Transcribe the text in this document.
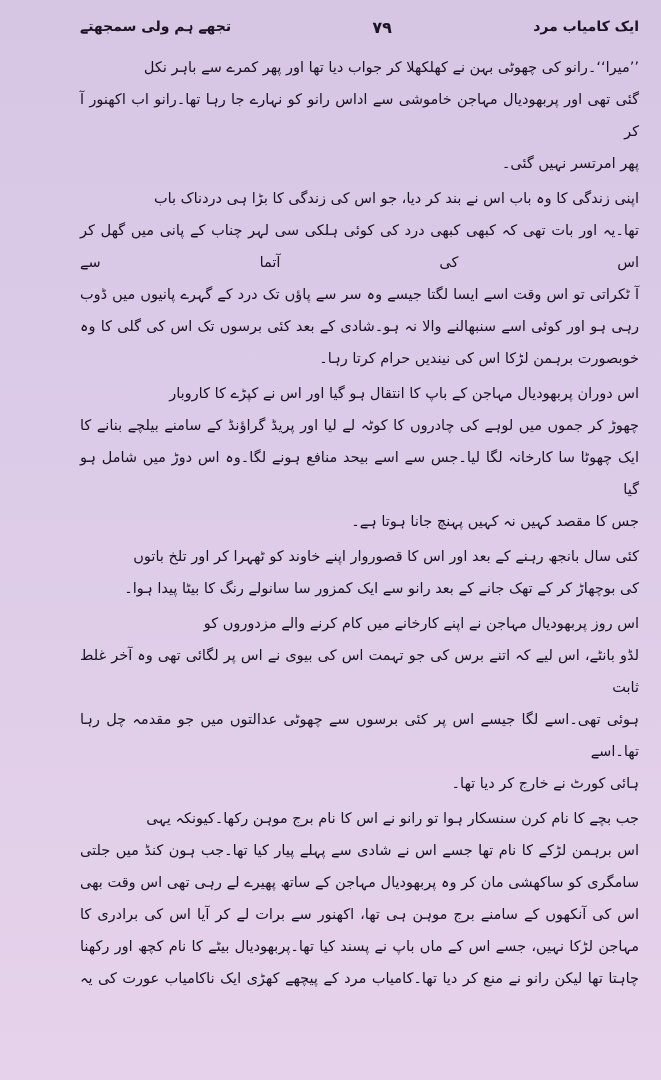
ایک کامیاب مرد
۷۹
تجھے ہم ولی سمجھتے
’’میرا‘‘۔رانو کی چھوٹی بہن نے کھلکھلا کر جواب دیا تھا اور پھر کمرے سے باہر نکل
گئی تھی اور پربھودیال مہاجن خاموشی سے اداس رانو کو نہارے جا رہا تھا۔رانو اب اکھنور آ کر
پھر امرتسر نہیں گئی۔
اپنی زندگی کا وہ باب اس نے بند کر دیا، جو اس کی زندگی کا بڑا ہی دردناک باب
تھا۔یہ اور بات تھی کہ کبھی کبھی درد کی کوئی ہلکی سی لہر چناب کے پانی میں گھل کر اس کی آتما سے
آ ٹکراتی تو اس وقت اسے ایسا لگتا جیسے وہ سر سے پاؤں تک درد کے گہرے پانیوں میں ڈوب
رہی ہو اور کوئی اسے سنبھالنے والا نہ ہو۔شادی کے بعد کئی برسوں تک اس کی گلی کا وہ
خوبصورت برہمن لڑکا اس کی نیندیں حرام کرتا رہا۔
اس دوران پربھودیال مہاجن کے باپ کا انتقال ہو گیا اور اس نے کپڑے کا کاروبار
چھوڑ کر جموں میں لوہے کی چادروں کا کوٹہ لے لیا اور پریڈ گراؤنڈ کے سامنے بیلچے بنانے کا
ایک چھوٹا سا کارخانہ لگا لیا۔جس سے اسے بیحد منافع ہونے لگا۔وہ اس دوڑ میں شامل ہو گیا
جس کا مقصد کہیں نہ کہیں پہنچ جانا ہوتا ہے۔
کئی سال بانجھ رہنے کے بعد اور اس کا قصوروار اپنے خاوند کو ٹھہرا کر اور تلخ باتوں
کی بوچھاڑ کر کے تھک جانے کے بعد رانو سے ایک کمزور سا سانولے رنگ کا بیٹا پیدا ہوا۔
اس روز پربھودیال مہاجن نے اپنے کارخانے میں کام کرنے والے مزدوروں کو
لڈو بانٹے، اس لیے کہ اتنے برس کی جو تہمت اس کی بیوی نے اس پر لگائی تھی وہ آخر غلط ثابت
ہوئی تھی۔اسے لگا جیسے اس پر کئی برسوں سے چھوٹی عدالتوں میں جو مقدمہ چل رہا تھا۔اسے
ہائی کورٹ نے خارج کر دیا تھا۔
جب بچے کا نام کرن سنسکار ہوا تو رانو نے اس کا نام برج موہن رکھا۔کیونکہ یہی
اس برہمن لڑکے کا نام تھا جسے اس نے شادی سے پہلے پیار کیا تھا۔جب ہون کنڈ میں جلتی
سامگری کو ساکھشی مان کر وہ پربھودیال مہاجن کے ساتھ پھیرے لے رہی تھی اس وقت بھی
اس کی آنکھوں کے سامنے برج موہن ہی تھا، اکھنور سے برات لے کر آیا اس کی برادری کا
مہاجن لڑکا نہیں، جسے اس کے ماں باپ نے پسند کیا تھا۔پربھودیال بیٹے کا نام کچھ اور رکھنا
چاہتا تھا لیکن رانو نے منع کر دیا تھا۔کامیاب مرد کے پیچھے کھڑی ایک ناکامیاب عورت کی یہ
